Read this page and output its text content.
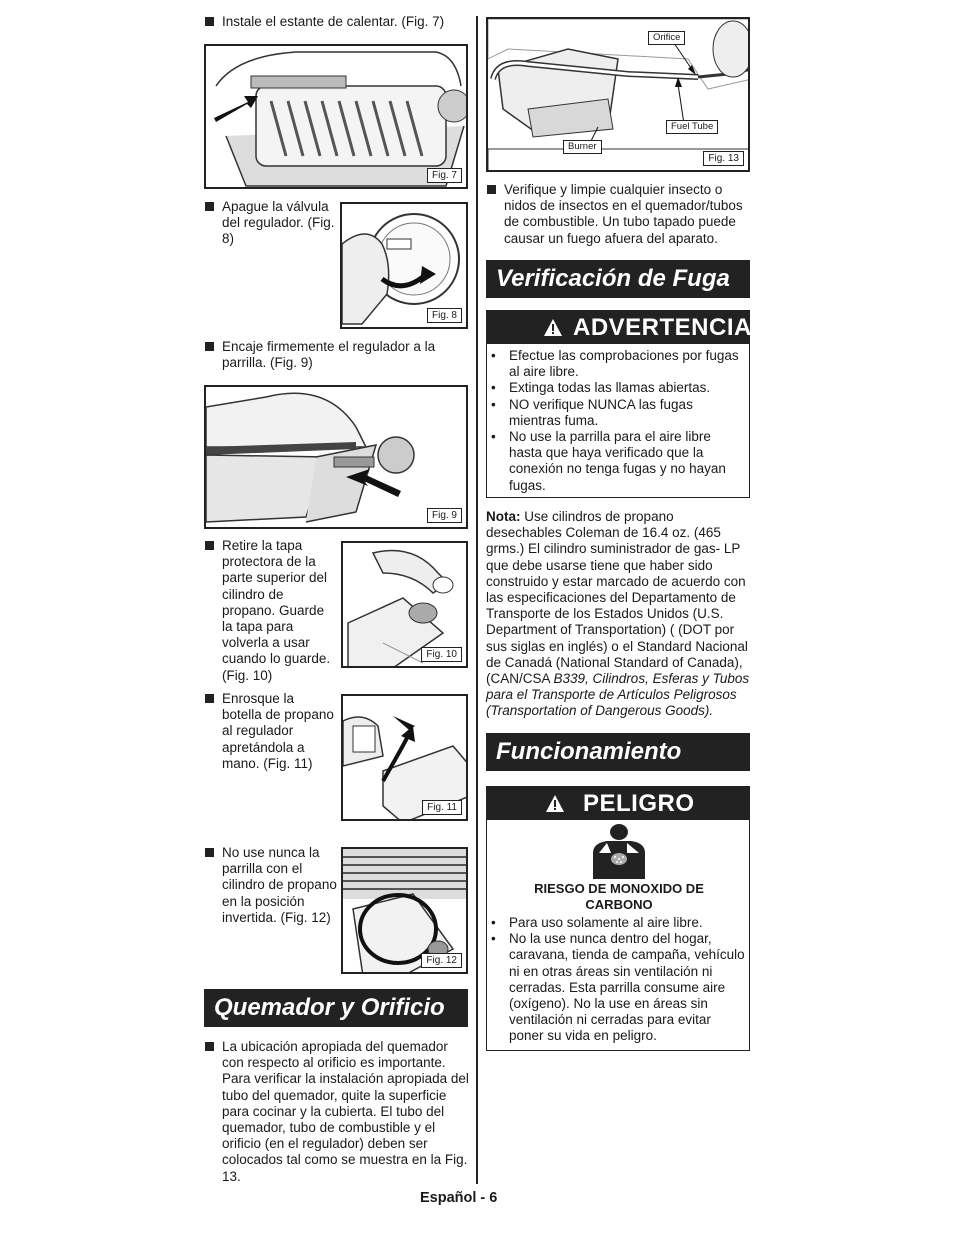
Instale el estante de calentar. (Fig. 7)
Fig. 7
Apague la válvula del regulador. (Fig. 8)
Fig. 8
Encaje firmemente el regulador a la parrilla. (Fig. 9)
Fig. 9
Retire la tapa protectora de la parte superior del cilindro de propano. Guarde la tapa para volverla a usar cuando lo guarde. (Fig. 10)
Fig. 10
Enrosque la botella de propano al regulador apretándola a mano. (Fig. 11)
Fig. 11
No use nunca la parrilla con el cilindro de propano en la posición invertida. (Fig. 12)
Fig. 12
Quemador y Orificio
La ubicación apropiada del quemador con respecto al orificio es importante. Para verificar la instalación apropiada del tubo del quemador, quite la superficie para cocinar y la cubierta. El tubo del quemador, tubo de combustible y el orificio (en el regulador) deben ser colocados tal como se muestra en la Fig. 13.
Orifice
Fuel Tube
Burner
Fig. 13
Verifique y limpie cualquier insecto o nidos de insectos en el quemador/tubos de combustible. Un tubo tapado puede causar un fuego afuera del aparato.
Verificación de Fuga
ADVERTENCIA
• Efectue las comprobaciones por fugas al aire libre.
• Extinga todas las llamas abiertas.
• NO verifique NUNCA las fugas mientras fuma.
• No use la parrilla para el aire libre hasta que haya verificado que la conexión no tenga fugas y no hayan fugas.
Nota: Use cilindros de propano desechables Coleman de 16.4 oz. (465 grms.) El cilindro suministrador de gas- LP que debe usarse tiene que haber sido construido y estar marcado de acuerdo con las especificaciones del Departamento de Transporte de los Estados Unidos (U.S. Department of Transportation) ( (DOT por sus siglas en inglés) o el Standard Nacional de Canadá (National Standard of Canada), (CAN/CSA B339, Cilindros, Esferas y Tubos para el Transporte de Artículos Peligrosos (Transportation of Dangerous Goods).
Funcionamiento
PELIGRO
RIESGO DE MONOXIDO DE CARBONO
• Para uso solamente al aire libre.
• No la use nunca dentro del hogar, caravana, tienda de campaña, vehículo ni en otras áreas sin ventilación ni cerradas. Esta parrilla consume aire (oxígeno). No la use en áreas sin ventilación ni cerradas para evitar poner su vida en peligro.
Español - 6
